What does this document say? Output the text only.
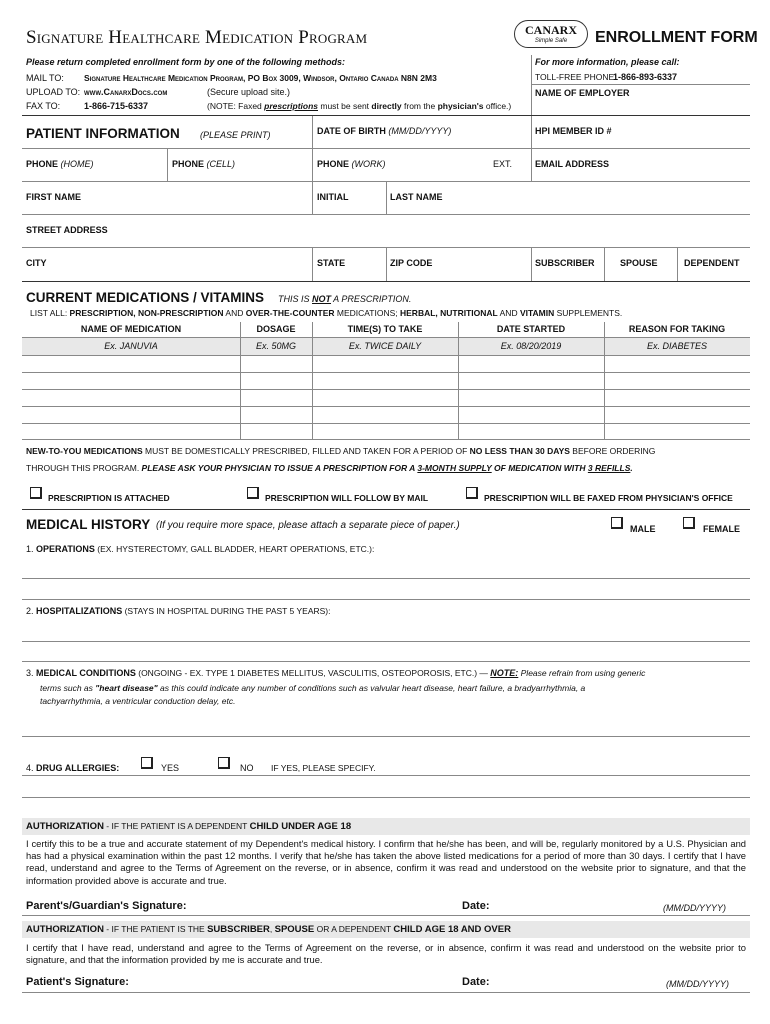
Signature Healthcare Medication Program	CANARX
Simple Safe	ENROLLMENT FORM
Please return completed enrollment form by one of the following methods:
MAIL TO: Signature Healthcare Medication Program, PO Box 3009, Windsor, Ontario Canada N8N 2M3
UPLOAD TO: www.CanarxDocs.com	(Secure upload site.)
FAX TO:	1-866-715-6337	(NOTE: Faxed prescriptions must be sent directly from the physician's office.)
For more information, please call:
TOLL-FREE PHONE:
1-866-893-6337
NAME OF EMPLOYER
PATIENT INFORMATION (PLEASE PRINT)	DATE OF BIRTH (MM/DD/YYYY)	HPI MEMBER ID #
PHONE (HOME)	PHONE (CELL)	PHONE (WORK)	EXT.	EMAIL ADDRESS
FIRST NAME	INITIAL	LAST NAME
STREET ADDRESS
CITY	STATE	ZIP CODE	SUBSCRIBER	SPOUSE	DEPENDENT
CURRENT MEDICATIONS / VITAMINS THIS IS NOT A PRESCRIPTION.
LIST ALL: PRESCRIPTION, NON-PRESCRIPTION AND OVER-THE-COUNTER MEDICATIONS; HERBAL, NUTRITIONAL AND VITAMIN SUPPLEMENTS.
NAME OF MEDICATION	DOSAGE	TIME(S) TO TAKE	DATE STARTED	REASON FOR TAKING
Ex. JANUVIA	Ex. 50MG	Ex. TWICE DAILY	Ex. 08/20/2019	Ex. DIABETES
NEW-TO-YOU MEDICATIONS MUST BE DOMESTICALLY PRESCRIBED, FILLED AND TAKEN FOR A PERIOD OF NO LESS THAN 30 DAYS BEFORE ORDERING
THROUGH THIS PROGRAM. PLEASE ASK YOUR PHYSICIAN TO ISSUE A PRESCRIPTION FOR A 3-MONTH SUPPLY OF MEDICATION WITH 3 REFILLS.
PRESCRIPTION IS ATTACHED	PRESCRIPTION WILL FOLLOW BY MAIL	PRESCRIPTION WILL BE FAXED FROM PHYSICIAN'S OFFICE
MEDICAL HISTORY (If you require more space, please attach a separate piece of paper.)	MALE	FEMALE
1. OPERATIONS (EX. HYSTERECTOMY, GALL BLADDER, HEART OPERATIONS, ETC.):
2. HOSPITALIZATIONS (STAYS IN HOSPITAL DURING THE PAST 5 YEARS):
3. MEDICAL CONDITIONS (ONGOING - EX. TYPE 1 DIABETES MELLITUS, VASCULITIS, OSTEOPOROSIS, ETC.) — NOTE: Please refrain from using generic
terms such as "heart disease" as this could indicate any number of conditions such as valvular heart disease, heart failure, a bradyarrhythmia, a
tachyarrhythmia, a ventricular conduction delay, etc.
4. DRUG ALLERGIES:	YES	NO IF YES, PLEASE SPECIFY.
AUTHORIZATION - IF THE PATIENT IS A DEPENDENT CHILD UNDER AGE 18
I certify this to be a true and accurate statement of my Dependent's medical history. I confirm that he/she has been, and will be, regularly monitored by a U.S. Physician and has had a physical examination within the past 12 months. I verify that he/she has taken the above listed medications for a period of more than 30 days. I certify that I have read, understand and agree to the Terms of Agreement on the reverse, or in absence, confirm it was read and understood on the website prior to signature, and that the information provided above is accurate and true.
Parent's/Guardian's Signature:	Date:	(MM/DD/YYYY)
AUTHORIZATION - IF THE PATIENT IS THE SUBSCRIBER, SPOUSE OR A DEPENDENT CHILD AGE 18 AND OVER
I certify that I have read, understand and agree to the Terms of Agreement on the reverse, or in absence, confirm it was read and understood on the website prior to signature, and that the information provided by me is accurate and true.
Patient's Signature:	Date:	(MM/DD/YYYY)
